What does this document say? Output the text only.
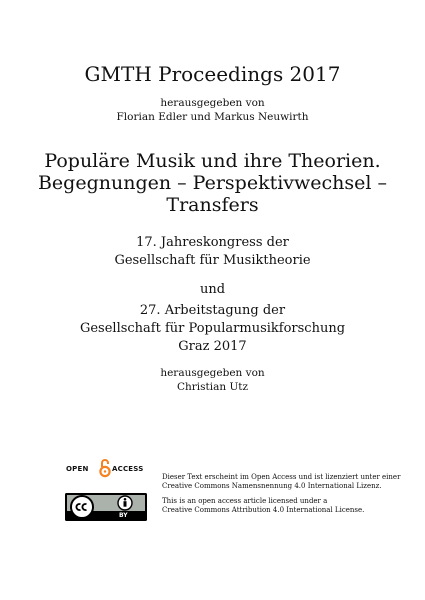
GMTH Proceedings 2017
herausgegeben von
Florian Edler und Markus Neuwirth
Populäre Musik und ihre Theorien.
Begegnungen – Perspektivwechsel –
Transfers
17. Jahreskongress der
Gesellschaft für Musiktheorie
und
27. Arbeitstagung der
Gesellschaft für Popularmusikforschung
Graz 2017
herausgegeben von
Christian Utz
OPEN	ACCESS
BY
Dieser Text erscheint im Open Access und ist lizenziert unter einer
Creative Commons Namensnennung 4.0 International Lizenz.
This is an open access article licensed under a
Creative Commons Attribution 4.0 International License.
